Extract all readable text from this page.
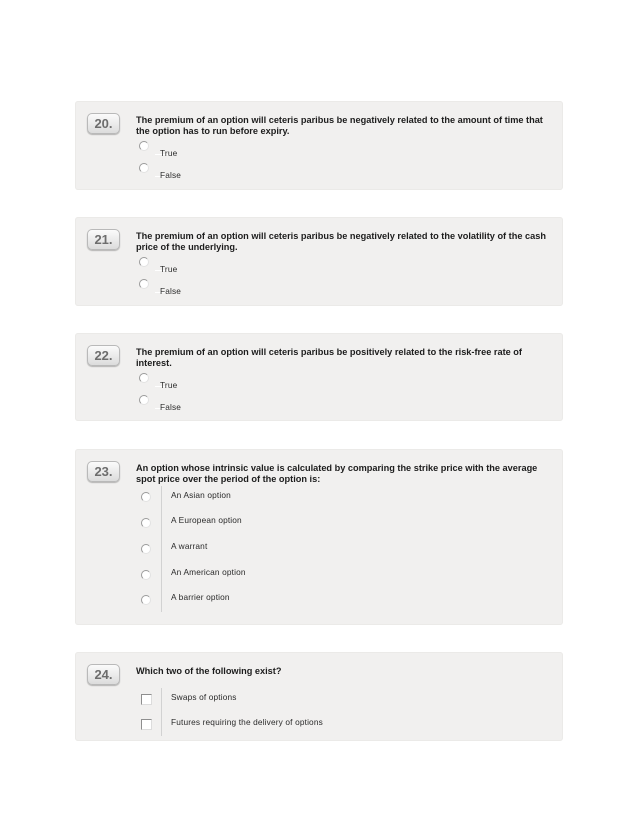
20.	The premium of an option will ceteris paribus be negatively related to the amount of time that the option has to run before expiry.
True
False
21.	The premium of an option will ceteris paribus be negatively related to the volatility of the cash price of the underlying.
True
False
22.	The premium of an option will ceteris paribus be positively related to the risk-free rate of interest.
True
False
23.	An option whose intrinsic value is calculated by comparing the strike price with the average spot price over the period of the option is:
An Asian option
A European option
A warrant
An American option
A barrier option
24.	Which two of the following exist?
Swaps of options
Futures requiring the delivery of options
